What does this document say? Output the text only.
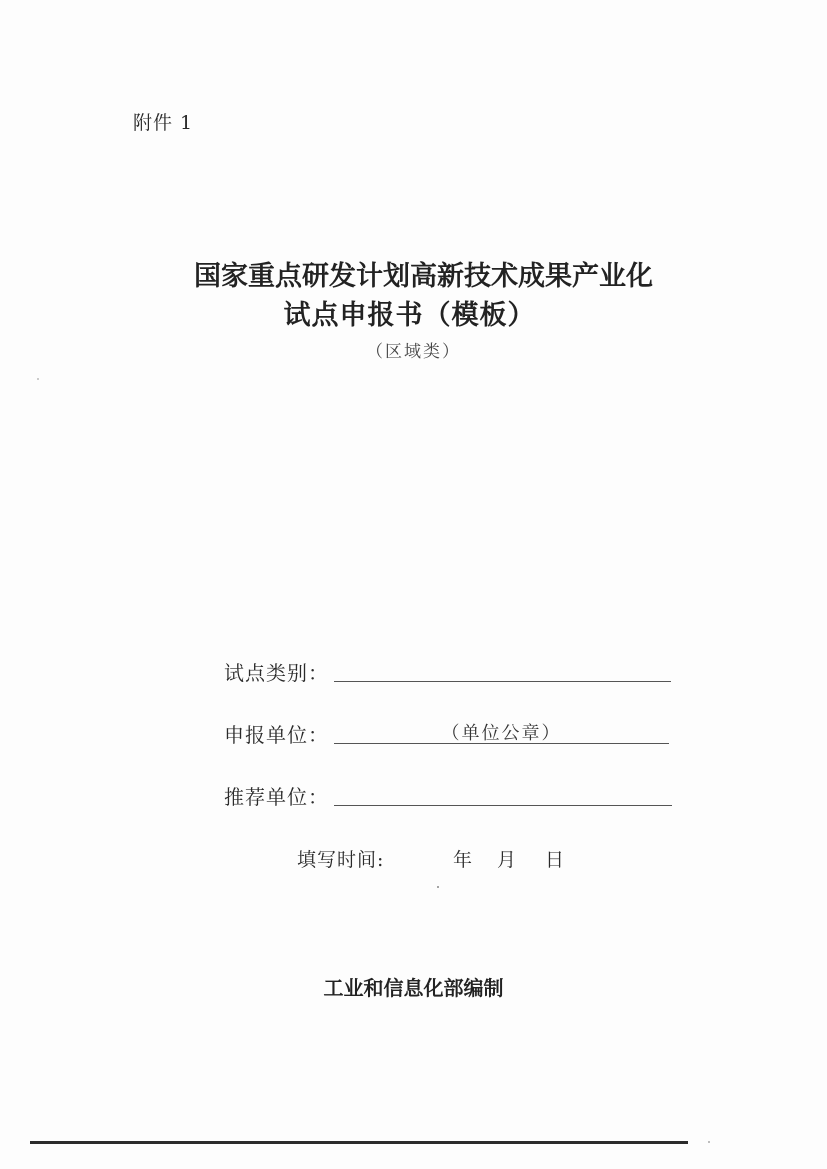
附件 1
国家重点研发计划高新技术成果产业化
试点申报书（模板）
（区域类）
试点类别：
申报单位：	（单位公章）
推荐单位：
填写时间:	年 月 日
工业和信息化部编制
